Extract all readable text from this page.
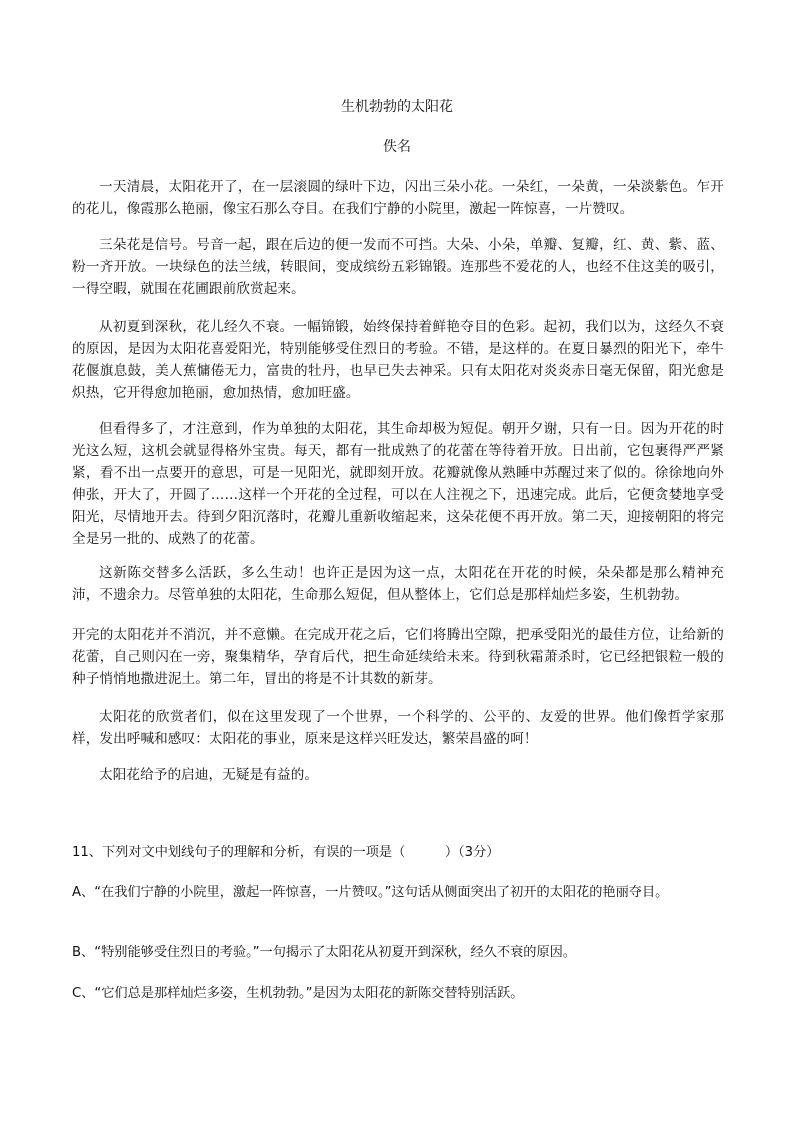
生机勃勃的太阳花
佚名

一天清晨，太阳花开了，在一层滚圆的绿叶下边，闪出三朵小花。一朵红，一朵黄，一朵淡紫色。乍开的花儿，像霞那么艳丽，像宝石那么夺目。在我们宁静的小院里，激起一阵惊喜，一片赞叹。

三朵花是信号。号音一起，跟在后边的便一发而不可挡。大朵、小朵，单瓣、复瓣，红、黄、紫、蓝、粉一齐开放。一块绿色的法兰绒，转眼间，变成缤纷五彩锦锻。连那些不爱花的人，也经不住这美的吸引，一得空暇，就围在花圃跟前欣赏起来。

从初夏到深秋，花儿经久不衰。一幅锦锻，始终保持着鲜艳夺目的色彩。起初，我们以为，这经久不衰的原因，是因为太阳花喜爱阳光，特别能够受住烈日的考验。不错，是这样的。在夏日暴烈的阳光下，牵牛花偃旗息鼓，美人蕉慵倦无力，富贵的牡丹，也早已失去神采。只有太阳花对炎炎赤日毫无保留，阳光愈是炽热，它开得愈加艳丽，愈加热情，愈加旺盛。

但看得多了，才注意到，作为单独的太阳花，其生命却极为短促。朝开夕谢，只有一日。因为开花的时光这么短，这机会就显得格外宝贵。每天，都有一批成熟了的花蕾在等待着开放。日出前，它包裹得严严紧紧，看不出一点要开的意思，可是一见阳光，就即刻开放。花瓣就像从熟睡中苏醒过来了似的。徐徐地向外伸张，开大了，开圆了……这样一个开花的全过程，可以在人注视之下，迅速完成。此后，它便贪婪地享受阳光，尽情地开去。待到夕阳沉落时，花瓣儿重新收缩起来，这朵花便不再开放。第二天，迎接朝阳的将完全是另一批的、成熟了的花蕾。

这新陈交替多么活跃，多么生动！也许正是因为这一点，太阳花在开花的时候，朵朵都是那么精神充沛，不遗余力。尽管单独的太阳花，生命那么短促，但从整体上，它们总是那样灿烂多姿，生机勃勃。

开完的太阳花并不消沉，并不意懒。在完成开花之后，它们将腾出空隙，把承受阳光的最佳方位，让给新的花蕾，自己则闪在一旁，聚集精华，孕育后代，把生命延续给未来。待到秋霜萧杀时，它已经把银粒一般的种子悄悄地撒进泥土。第二年，冒出的将是不计其数的新芽。

太阳花的欣赏者们，似在这里发现了一个世界，一个科学的、公平的、友爱的世界。他们像哲学家那样，发出呼喊和感叹：太阳花的事业，原来是这样兴旺发达，繁荣昌盛的呵！

太阳花给予的启迪，无疑是有益的。

11、下列对文中划线句子的理解和分析，有误的一项是（　　　）（3分）

A、“在我们宁静的小院里，激起一阵惊喜，一片赞叹。”这句话从侧面突出了初开的太阳花的艳丽夺目。

B、“特别能够受住烈日的考验。”一句揭示了太阳花从初夏开到深秋，经久不衰的原因。

C、“它们总是那样灿烂多姿，生机勃勃。”是因为太阳花的新陈交替特别活跃。
